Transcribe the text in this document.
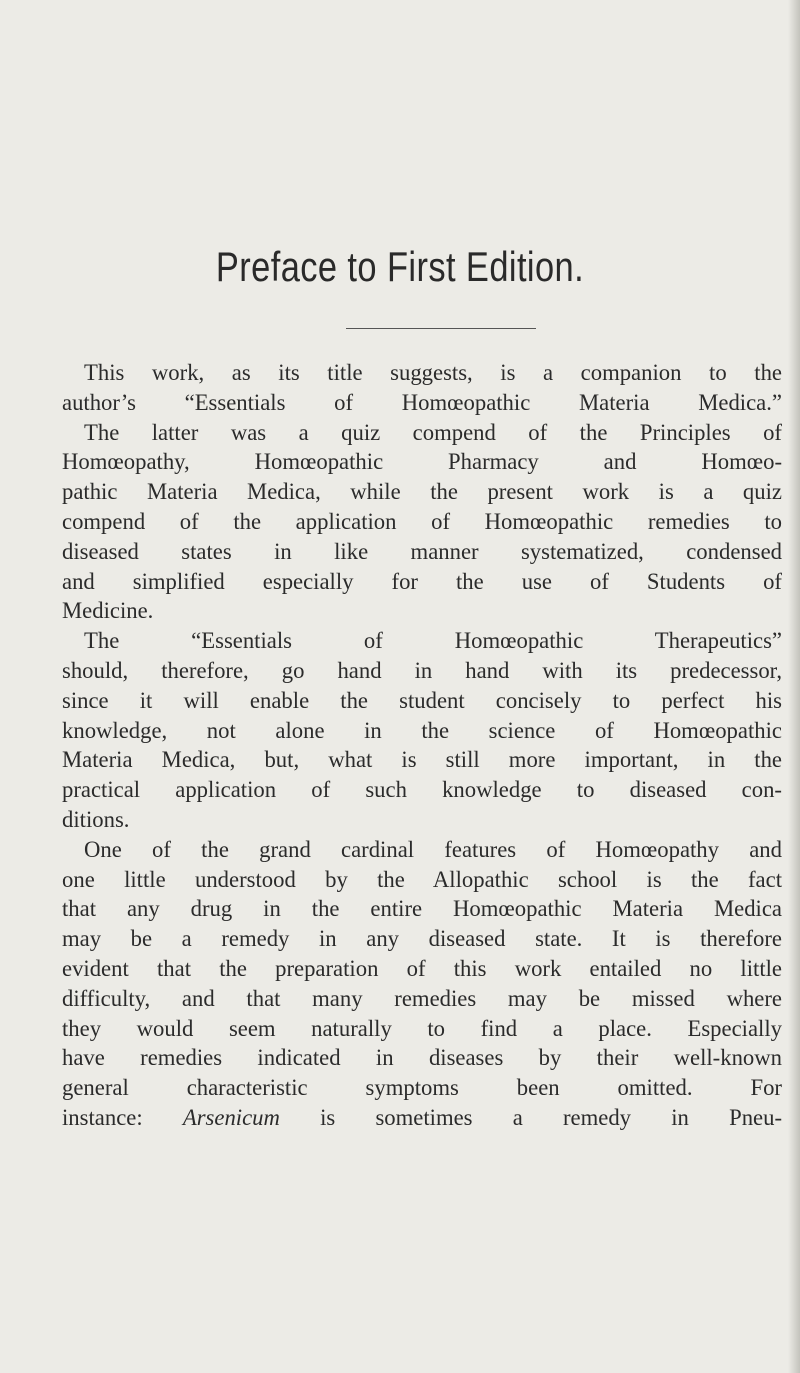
Preface to First Edition.

This work, as its title suggests, is a companion to the
author’s “Essentials of Homœopathic Materia Medica.”
The latter was a quiz compend of the Principles of
Homœopathy, Homœopathic Pharmacy and Homœo-
pathic Materia Medica, while the present work is a quiz
compend of the application of Homœopathic remedies to
diseased states in like manner systematized, condensed
and simplified especially for the use of Students of
Medicine.

The “Essentials of Homœopathic Therapeutics”
should, therefore, go hand in hand with its predecessor,
since it will enable the student concisely to perfect his
knowledge, not alone in the science of Homœopathic
Materia Medica, but, what is still more important, in the
practical application of such knowledge to diseased con-
ditions.

One of the grand cardinal features of Homœopathy and
one little understood by the Allopathic school is the fact
that any drug in the entire Homœopathic Materia Medica
may be a remedy in any diseased state. It is therefore
evident that the preparation of this work entailed no little
difficulty, and that many remedies may be missed where
they would seem naturally to find a place. Especially
have remedies indicated in diseases by their well-known
general characteristic symptoms been omitted. For
instance: Arsenicum is sometimes a remedy in Pneu-
